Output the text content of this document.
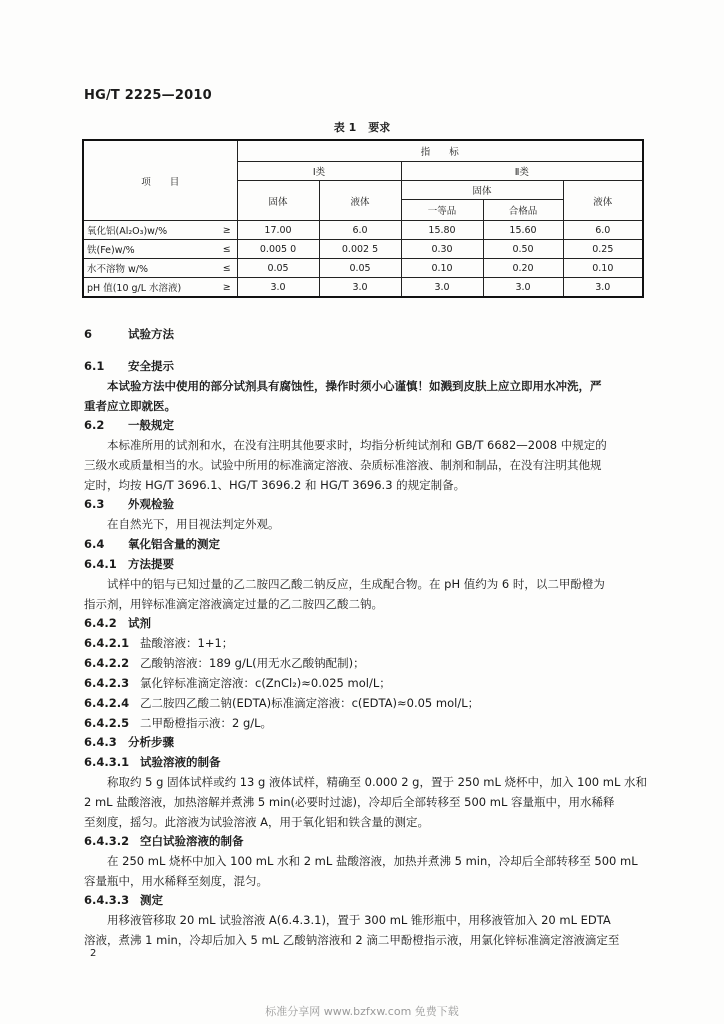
HG/T 2225—2010
表 1 要求
项　　目		指　　标				
		Ⅰ类		Ⅱ类		
		固体	液体	固体		液体
				一等品	合格品	
氧化铝(Al₂O₃)w/%	≥	17.00	6.0	15.80	15.60	6.0
铁(Fe)w/%	≤	0.005 0	0.002 5	0.30	0.50	0.25
水不溶物 w/%	≤	0.05	0.05	0.10	0.20	0.10
pH 值(10 g/L 水溶液)	≥	3.0	3.0	3.0	3.0	3.0
6	试验方法
6.1 安全提示
本试验方法中使用的部分试剂具有腐蚀性，操作时须小心谨慎！如溅到皮肤上应立即用水冲洗，严
重者应立即就医。
6.2 一般规定
本标准所用的试剂和水，在没有注明其他要求时，均指分析纯试剂和 GB/T 6682—2008 中规定的
三级水或质量相当的水。试验中所用的标准滴定溶液、杂质标准溶液、制剂和制品，在没有注明其他规
定时，均按 HG/T 3696.1、HG/T 3696.2 和 HG/T 3696.3 的规定制备。
6.3 外观检验
在自然光下，用目视法判定外观。
6.4 氧化铝含量的测定
6.4.1 方法提要
试样中的铝与已知过量的乙二胺四乙酸二钠反应，生成配合物。在 pH 值约为 6 时，以二甲酚橙为
指示剂，用锌标准滴定溶液滴定过量的乙二胺四乙酸二钠。
6.4.2 试剂
6.4.2.1 盐酸溶液：1+1；
6.4.2.2 乙酸钠溶液：189 g/L(用无水乙酸钠配制)；
6.4.2.3 氯化锌标准滴定溶液：c(ZnCl₂)≈0.025 mol/L；
6.4.2.4 乙二胺四乙酸二钠(EDTA)标准滴定溶液：c(EDTA)≈0.05 mol/L；
6.4.2.5 二甲酚橙指示液：2 g/L。
6.4.3 分析步骤
6.4.3.1 试验溶液的制备
称取约 5 g 固体试样或约 13 g 液体试样，精确至 0.000 2 g，置于 250 mL 烧杯中，加入 100 mL 水和
2 mL 盐酸溶液，加热溶解并煮沸 5 min(必要时过滤)，冷却后全部转移至 500 mL 容量瓶中，用水稀释
至刻度，摇匀。此溶液为试验溶液 A，用于氧化铝和铁含量的测定。
6.4.3.2 空白试验溶液的制备
在 250 mL 烧杯中加入 100 mL 水和 2 mL 盐酸溶液，加热并煮沸 5 min，冷却后全部转移至 500 mL
容量瓶中，用水稀释至刻度，混匀。
6.4.3.3 测定
用移液管移取 20 mL 试验溶液 A(6.4.3.1)，置于 300 mL 锥形瓶中，用移液管加入 20 mL EDTA
溶液，煮沸 1 min，冷却后加入 5 mL 乙酸钠溶液和 2 滴二甲酚橙指示液，用氯化锌标准滴定溶液滴定至
2
标准分享网 www.bzfxw.com 免费下载
